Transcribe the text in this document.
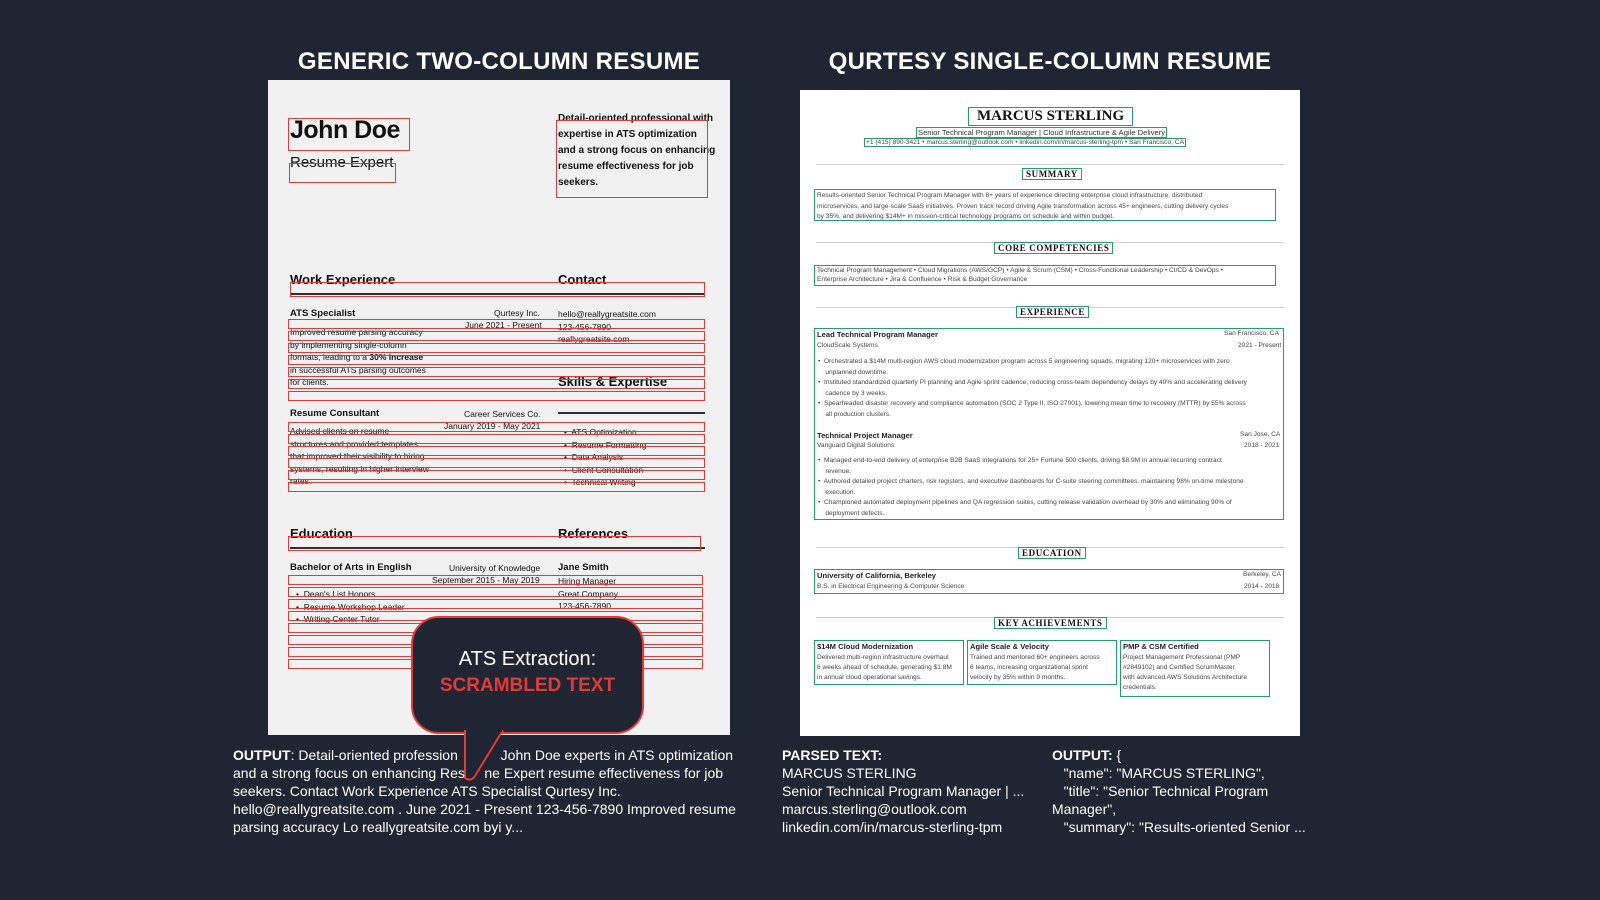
GENERIC TWO-COLUMN RESUME	QURTESY SINGLE-COLUMN RESUME
John Doe
Resume Expert
Detail-oriented professional with
expertise in ATS optimization
and a strong focus on enhancing
resume effectiveness for job
seekers.
Work Experience	Contact
ATS Specialist	Qurtesy Inc.
June 2021 - Present
Improved resume parsing accuracy
by implementing single-column
formats, leading to a 30% increase
in successful ATS parsing outcomes
for clients.
hello@reallygreatsite.com
123-456-7890
reallygreatsite.com
Skills & Expertise
Resume Consultant	Career Services Co.
January 2019 - May 2021
Advised clients on resume
structures and provided templates
that improved their visibility to hiring
systems, resulting in higher interview
rates.
•  ATS Optimization
•  Resume Formatting
•  Data Analysis
•  Client Consultation
•  Technical Writing
Education	References
Bachelor of Arts in English	University of Knowledge
September 2015 - May 2019
•  Dean's List Honors
•  Resume Workshop Leader
•  Writing Center Tutor
Jane Smith
Hiring Manager
Great Company
123-456-7890
ATS Extraction:
SCRAMBLED TEXT
MARCUS STERLING
Senior Technical Program Manager | Cloud Infrastructure & Agile Delivery
+1 (415) 890-3421 • marcus.sterling@outlook.com • linkedin.com/in/marcus-sterling-tpm • San Francisco, CA
SUMMARY
Results-oriented Senior Technical Program Manager with 8+ years of experience directing enterprise cloud infrastructure, distributed
microservices, and large-scale SaaS initiatives. Proven track record driving Agile transformation across 45+ engineers, cutting delivery cycles
by 35%, and delivering $14M+ in mission-critical technology programs on schedule and within budget.
CORE COMPETENCIES
Technical Program Management • Cloud Migrations (AWS/GCP) • Agile & Scrum (CSM) • Cross-Functional Leadership • CI/CD & DevOps •
Enterprise Architecture • Jira & Confluence • Risk & Budget Governance
EXPERIENCE
Lead Technical Program Manager	San Francisco, CA
CloudScale Systems	2021 - Present
•  Orchestrated a $14M multi-region AWS cloud modernization program across 5 engineering squads, migrating 120+ microservices with zero
unplanned downtime.
•  Instituted standardized quarterly PI planning and Agile sprint cadence, reducing cross-team dependency delays by 40% and accelerating delivery
cadence by 3 weeks.
•  Spearheaded disaster recovery and compliance automation (SOC 2 Type II, ISO 27001), lowering mean time to recovery (MTTR) by 55% across
all production clusters.
Technical Project Manager	San Jose, CA
Vanguard Digital Solutions	2018 - 2021
•  Managed end-to-end delivery of enterprise B2B SaaS integrations for 25+ Fortune 500 clients, driving $8.9M in annual recurring contract
revenue.
•  Authored detailed project charters, risk registers, and executive dashboards for C-suite steering committees, maintaining 98% on-time milestone
execution.
•  Championed automated deployment pipelines and QA regression suites, cutting release validation overhead by 30% and eliminating 90% of
deployment defects.
EDUCATION
University of California, Berkeley	Berkeley, CA
B.S. in Electrical Engineering & Computer Science	2014 - 2018
KEY ACHIEVEMENTS
$14M Cloud Modernization
Delivered multi-region infrastructure overhaul
6 weeks ahead of schedule, generating $1.8M
in annual cloud operational savings.
Agile Scale & Velocity
Trained and mentored 60+ engineers across
6 teams, increasing organizational sprint
velocity by 35% within 9 months.
PMP & CSM Certified
Project Management Professional (PMP
#2849102) and Certified ScrumMaster
with advanced AWS Solutions Architecture
credentials.
OUTPUT: Detail-oriented profession           John Doe experts in ATS optimization
and a strong focus on enhancing Res     ne Expert resume effectiveness for job
seekers. Contact Work Experience ATS Specialist Qurtesy Inc.
hello@reallygreatsite.com . June 2021 - Present 123-456-7890 Improved resume
parsing accuracy Lo reallygreatsite.com byi y...
PARSED TEXT:
MARCUS STERLING
Senior Technical Program Manager | ...
marcus.sterling@outlook.com
linkedin.com/in/marcus-sterling-tpm
OUTPUT: {
"name": "MARCUS STERLING",
"title": "Senior Technical Program
Manager",
"summary": "Results-oriented Senior ...
